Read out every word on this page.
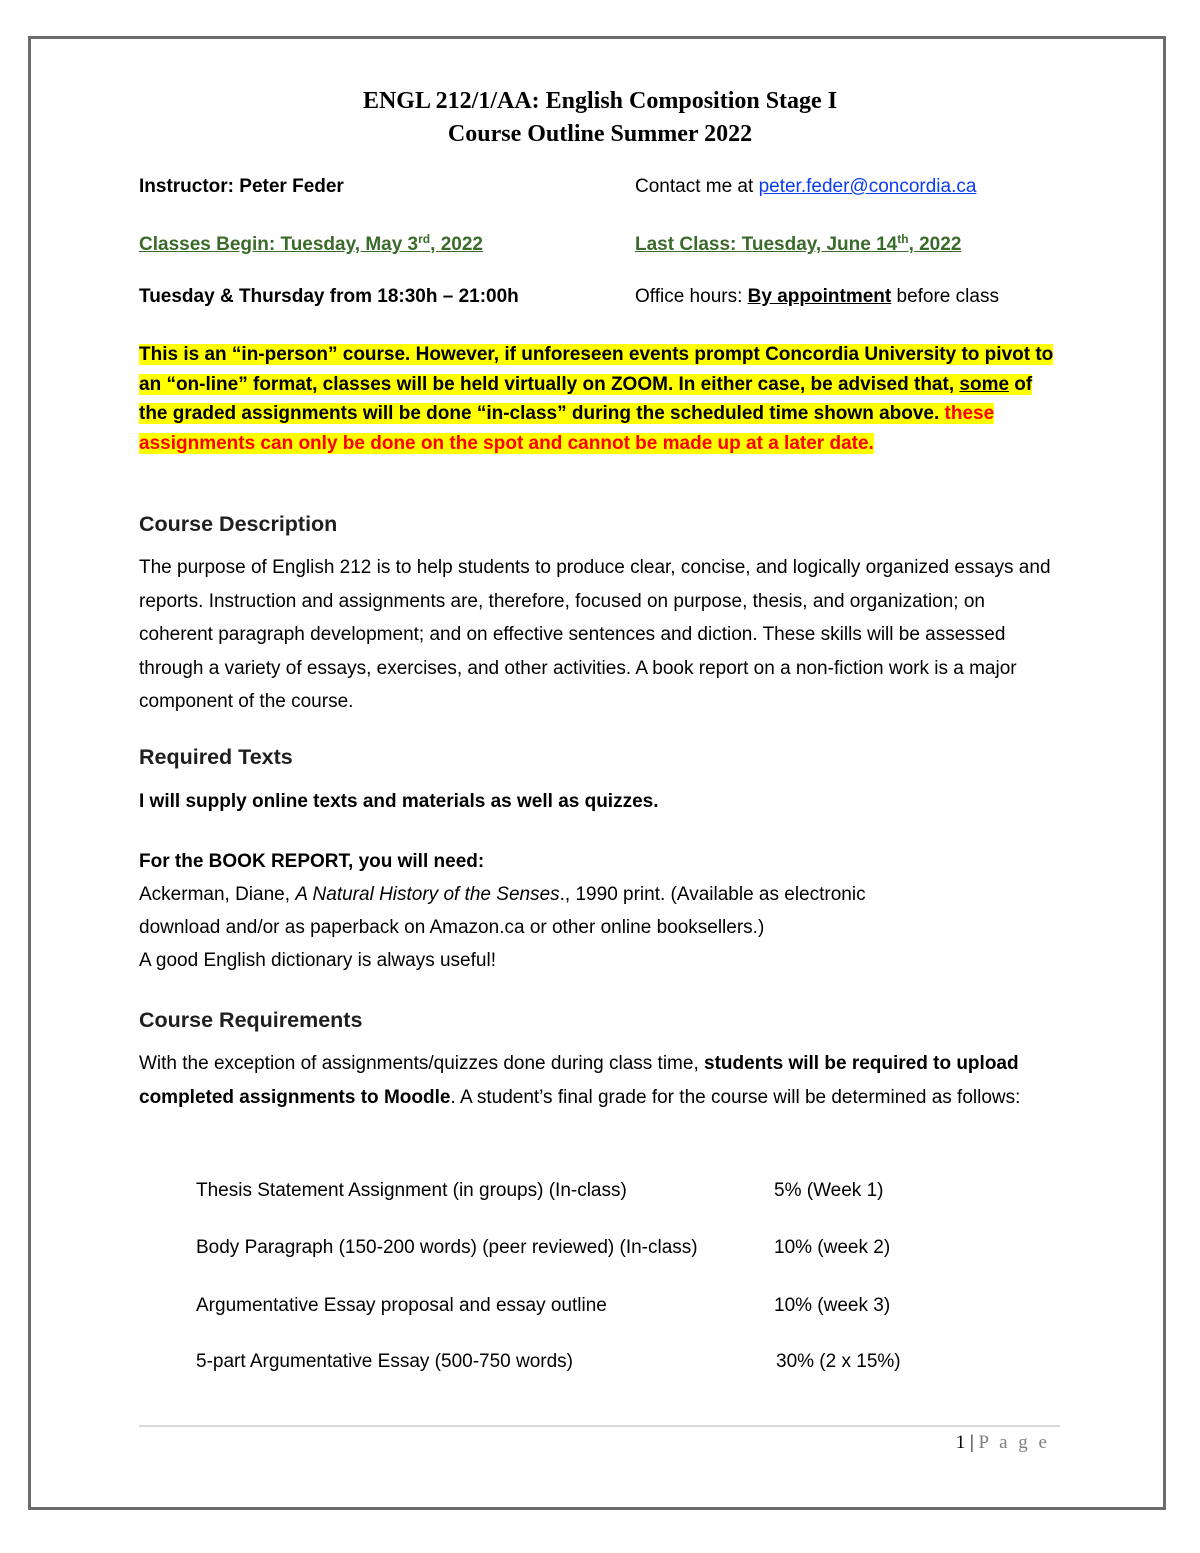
ENGL 212/1/AA: English Composition Stage I
Course Outline Summer 2022
Instructor: Peter Feder	Contact me at peter.feder@concordia.ca
Classes Begin: Tuesday, May 3rd, 2022	Last Class: Tuesday, June 14th, 2022
Tuesday & Thursday from 18:30h – 21:00h	Office hours: By appointment before class
This is an “in-person” course. However, if unforeseen events prompt Concordia University to pivot to an “on-line” format, classes will be held virtually on ZOOM. In either case, be advised that, some of the graded assignments will be done “in-class” during the scheduled time shown above. these assignments can only be done on the spot and cannot be made up at a later date.
Course Description
The purpose of English 212 is to help students to produce clear, concise, and logically organized essays and reports. Instruction and assignments are, therefore, focused on purpose, thesis, and organization; on coherent paragraph development; and on effective sentences and diction. These skills will be assessed through a variety of essays, exercises, and other activities. A book report on a non-fiction work is a major component of the course.
Required Texts
I will supply online texts and materials as well as quizzes.
For the BOOK REPORT, you will need:
Ackerman, Diane, A Natural History of the Senses., 1990 print. (Available as electronic
download and/or as paperback on Amazon.ca or other online booksellers.)
A good English dictionary is always useful!
Course Requirements
With the exception of assignments/quizzes done during class time, students will be required to upload completed assignments to Moodle. A student’s final grade for the course will be determined as follows:
Thesis Statement Assignment (in groups) (In-class)	5% (Week 1)
Body Paragraph (150-200 words) (peer reviewed) (In-class)	10% (week 2)
Argumentative Essay proposal and essay outline	10% (week 3)
5-part Argumentative Essay (500-750 words)	30% (2 x 15%)
1 | P a g e
